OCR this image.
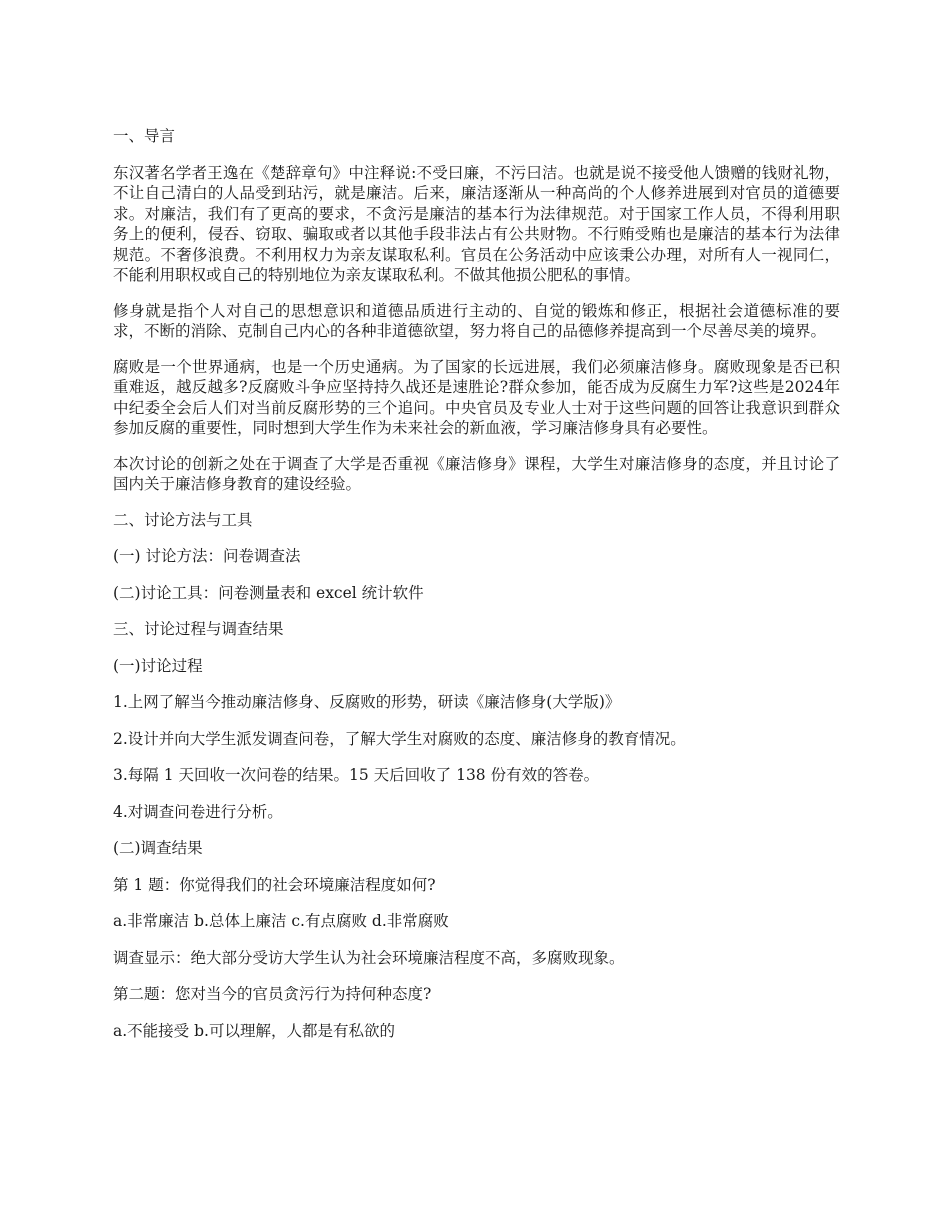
一、导言
东汉著名学者王逸在《楚辞章句》中注释说:不受曰廉，不污曰洁。也就是说不接受他人馈赠的钱财礼物，不让自己清白的人品受到玷污，就是廉洁。后来，廉洁逐渐从一种高尚的个人修养进展到对官员的道德要求。对廉洁，我们有了更高的要求，不贪污是廉洁的基本行为法律规范。对于国家工作人员，不得利用职务上的便利，侵吞、窃取、骗取或者以其他手段非法占有公共财物。不行贿受贿也是廉洁的基本行为法律规范。不奢侈浪费。不利用权力为亲友谋取私利。官员在公务活动中应该秉公办理，对所有人一视同仁，不能利用职权或自己的特别地位为亲友谋取私利。不做其他损公肥私的事情。
修身就是指个人对自己的思想意识和道德品质进行主动的、自觉的锻炼和修正，根据社会道德标准的要求，不断的消除、克制自己内心的各种非道德欲望，努力将自己的品德修养提高到一个尽善尽美的境界。
腐败是一个世界通病，也是一个历史通病。为了国家的长远进展，我们必须廉洁修身。腐败现象是否已积重难返，越反越多?反腐败斗争应坚持持久战还是速胜论?群众参加，能否成为反腐生力军?这些是2024年中纪委全会后人们对当前反腐形势的三个追问。中央官员及专业人士对于这些问题的回答让我意识到群众参加反腐的重要性，同时想到大学生作为未来社会的新血液，学习廉洁修身具有必要性。
本次讨论的创新之处在于调查了大学是否重视《廉洁修身》课程，大学生对廉洁修身的态度，并且讨论了国内关于廉洁修身教育的建设经验。
二、讨论方法与工具
(一) 讨论方法：问卷调查法
(二)讨论工具：问卷测量表和 excel 统计软件
三、讨论过程与调查结果
(一)讨论过程
1.上网了解当今推动廉洁修身、反腐败的形势，研读《廉洁修身(大学版)》
2.设计并向大学生派发调查问卷，了解大学生对腐败的态度、廉洁修身的教育情况。
3.每隔 1 天回收一次问卷的结果。15 天后回收了 138 份有效的答卷。
4.对调查问卷进行分析。
(二)调查结果
第 1 题：你觉得我们的社会环境廉洁程度如何?
a.非常廉洁 b.总体上廉洁 c.有点腐败 d.非常腐败
调查显示：绝大部分受访大学生认为社会环境廉洁程度不高，多腐败现象。
第二题：您对当今的官员贪污行为持何种态度?
a.不能接受 b.可以理解，人都是有私欲的
